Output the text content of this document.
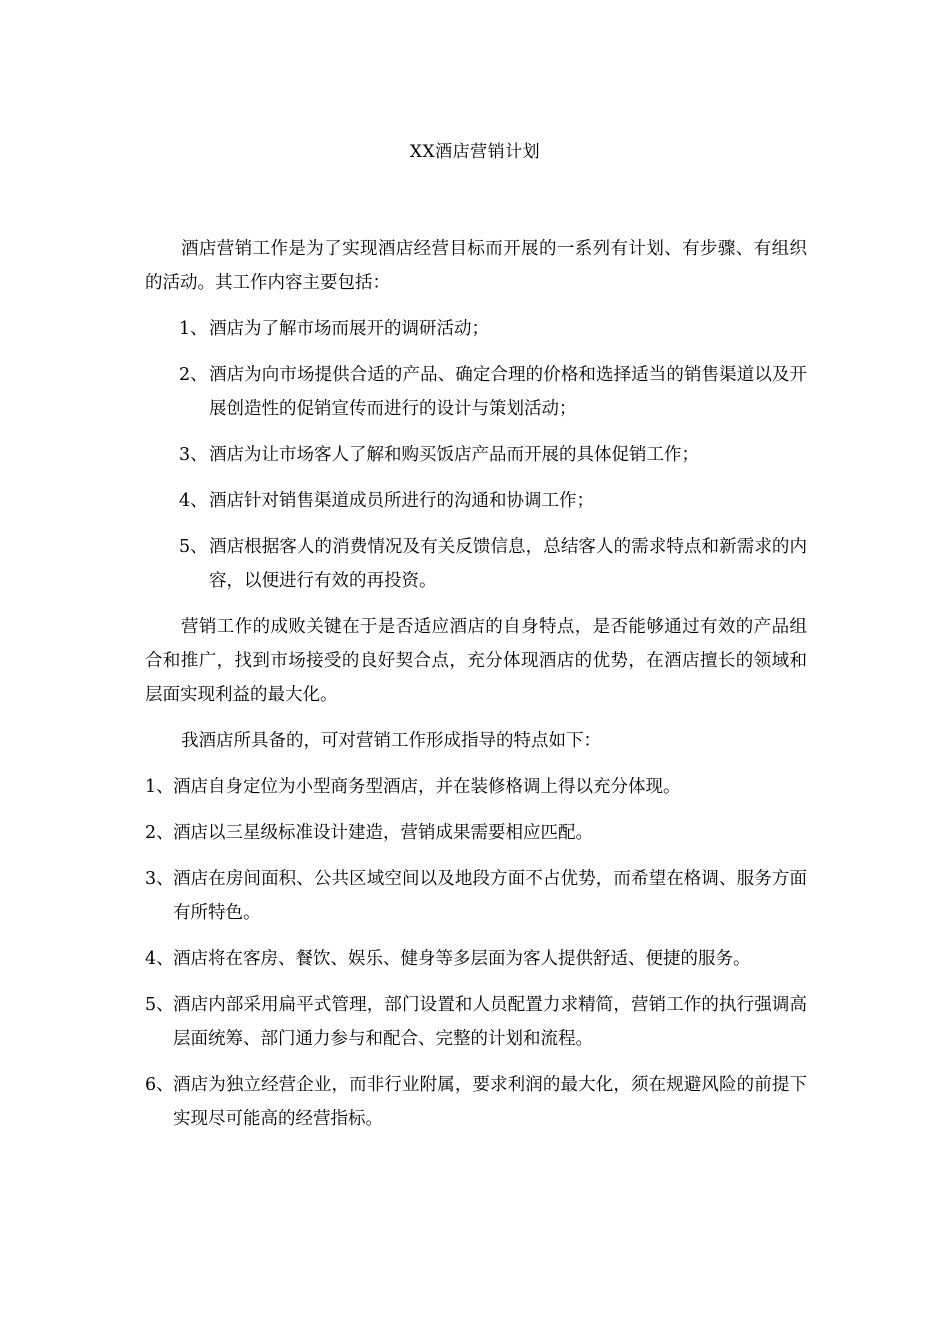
XX酒店营销计划

酒店营销工作是为了实现酒店经营目标而开展的一系列有计划、有步骤、有组织的活动。其工作内容主要包括：

1、 酒店为了解市场而展开的调研活动；
2、 酒店为向市场提供合适的产品、确定合理的价格和选择适当的销售渠道以及开展创造性的促销宣传而进行的设计与策划活动；
3、 酒店为让市场客人了解和购买饭店产品而开展的具体促销工作；
4、 酒店针对销售渠道成员所进行的沟通和协调工作；
5、 酒店根据客人的消费情况及有关反馈信息，总结客人的需求特点和新需求的内容，以便进行有效的再投资。

营销工作的成败关键在于是否适应酒店的自身特点，是否能够通过有效的产品组合和推广，找到市场接受的良好契合点，充分体现酒店的优势，在酒店擅长的领域和层面实现利益的最大化。

我酒店所具备的，可对营销工作形成指导的特点如下：

1、 酒店自身定位为小型商务型酒店，并在装修格调上得以充分体现。
2、 酒店以三星级标准设计建造，营销成果需要相应匹配。
3、 酒店在房间面积、公共区域空间以及地段方面不占优势，而希望在格调、服务方面有所特色。
4、 酒店将在客房、餐饮、娱乐、健身等多层面为客人提供舒适、便捷的服务。
5、 酒店内部采用扁平式管理，部门设置和人员配置力求精简，营销工作的执行强调高层面统筹、部门通力参与和配合、完整的计划和流程。
6、 酒店为独立经营企业，而非行业附属，要求利润的最大化，须在规避风险的前提下实现尽可能高的经营指标。
